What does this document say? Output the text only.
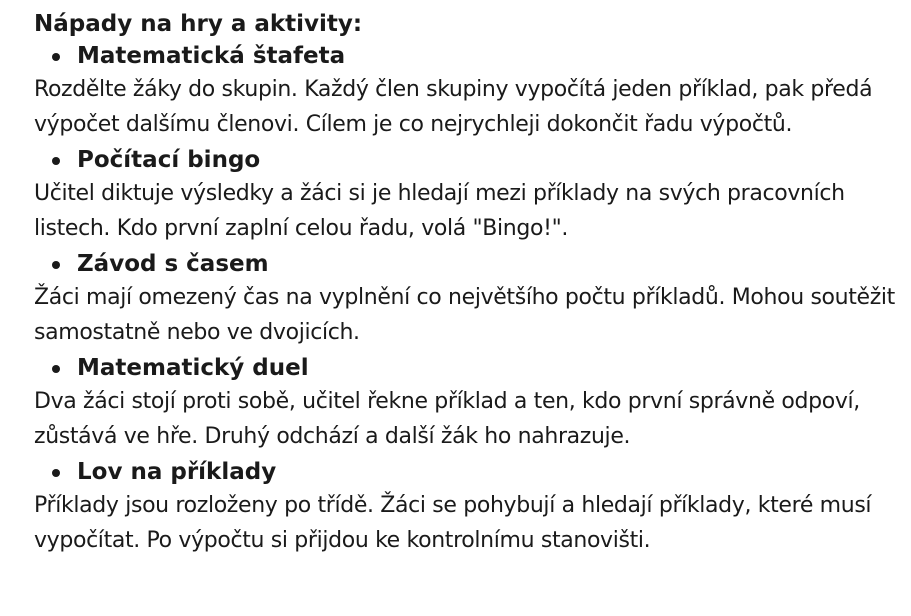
Nápady na hry a aktivity:
Matematická štafeta

Rozdělte žáky do skupin. Každý člen skupiny vypočítá jeden příklad, pak předá výpočet dalšímu členovi. Cílem je co nejrychleji dokončit řadu výpočtů.

Počítací bingo

Učitel diktuje výsledky a žáci si je hledají mezi příklady na svých pracovních listech. Kdo první zaplní celou řadu, volá "Bingo!".

Závod s časem

Žáci mají omezený čas na vyplnění co největšího počtu příkladů. Mohou soutěžit samostatně nebo ve dvojicích.

Matematický duel

Dva žáci stojí proti sobě, učitel řekne příklad a ten, kdo první správně odpoví, zůstává ve hře. Druhý odchází a další žák ho nahrazuje.

Lov na příklady

Příklady jsou rozloženy po třídě. Žáci se pohybují a hledají příklady, které musí vypočítat. Po výpočtu si přijdou ke kontrolnímu stanovišti.
